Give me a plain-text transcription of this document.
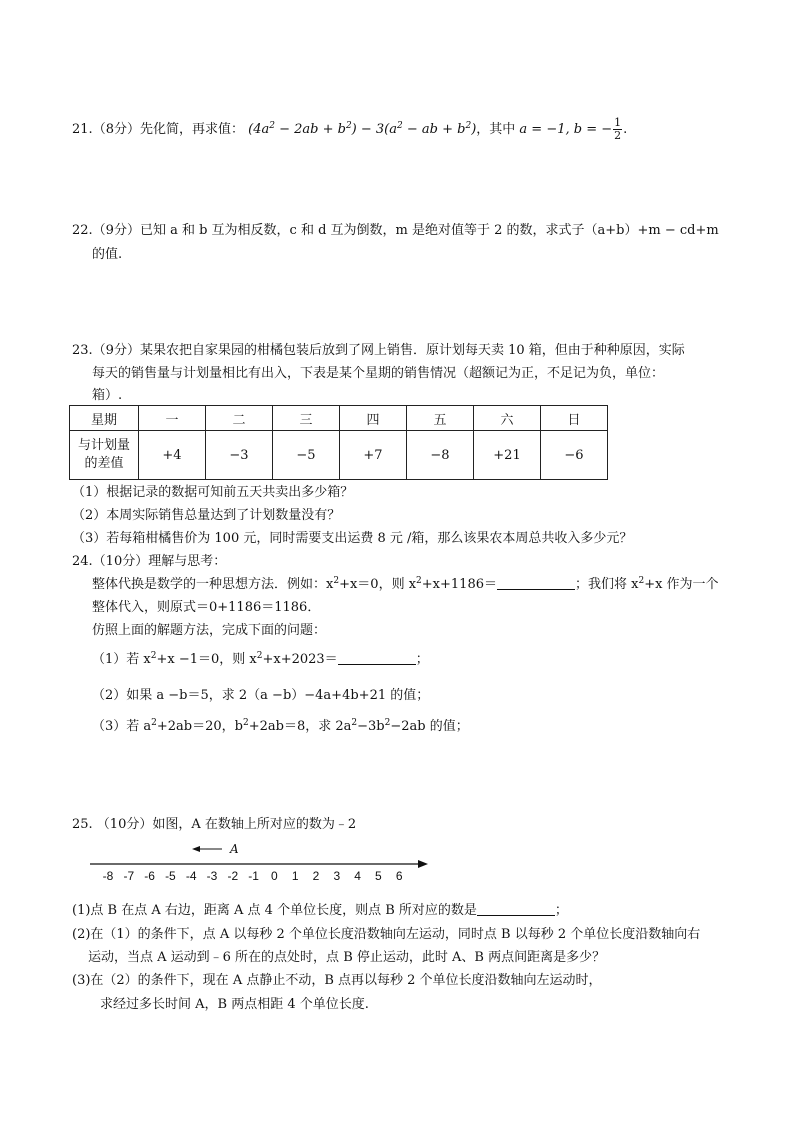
21.（8分）先化简，再求值： $(4a^2 - 2ab + b^2) - 3(a^2$ − ab + $b^2$)，其中 a = −1, b = − $\frac{1}{2}$ .
22.（9分）已知 a 和 b 互为相反数，c 和 d 互为倒数，m 是绝对值等于 2 的数，求式子（a+b）+m − cd+m
的值.
23.（9分）某果农把自家果园的柑橘包装后放到了网上销售．原计划每天卖 10 箱，但由于种种原因，实际
每天的销售量与计划量相比有出入，下表是某个星期的销售情况（超额记为正，不足记为负，单位：
箱）.
星期	一	二	三	四	五	六	日
与计划量
的差值	+4	−3	−5	+7	−8	+21	−6
（1）根据记录的数据可知前五天共卖出多少箱？
（2）本周实际销售总量达到了计划数量没有？
（3）若每箱柑橘售价为 100 元，同时需要支出运费 8 元 /箱，那么该果农本周总共收入多少元？
24.（10分）理解与思考：
整体代换是数学的一种思想方法．例如：$x^2+x=0$，则 $x^2+x+1186=$	；我们将 $x^2+x$ 作为一个
整体代入，则原式＝0+1186＝1186．
仿照上面的解题方法，完成下面的问题：
（1）若 $x^2+x -1=0$，则 $x^2+x+2023=$	；
（2）如果 a −b＝5，求 2（a −b）−4a+4b+21 的值；
（3）若 $a^2+2ab=20$，$b^2+2ab=8$，求 $2a^2-3b^2-2ab$ 的值；
25. （10分）如图，A 在数轴上所对应的数为﹣2
A
-8 -7 -6 -5 -4 -3 -2 -1 0 1 2 3 4 5 6
(1)点 B 在点 A 右边，距离 A 点 4 个单位长度，则点 B 所对应的数是	；
(2)在（1）的条件下，点 A 以每秒 2 个单位长度沿数轴向左运动，同时点 B 以每秒 2 个单位长度沿数轴向右
运动，当点 A 运动到﹣6 所在的点处时，点 B 停止运动，此时 A、B 两点间距离是多少？
(3)在（2）的条件下，现在 A 点静止不动，B 点再以每秒 2 个单位长度沿数轴向左运动时，
求经过多长时间 A，B 两点相距 4 个单位长度.
